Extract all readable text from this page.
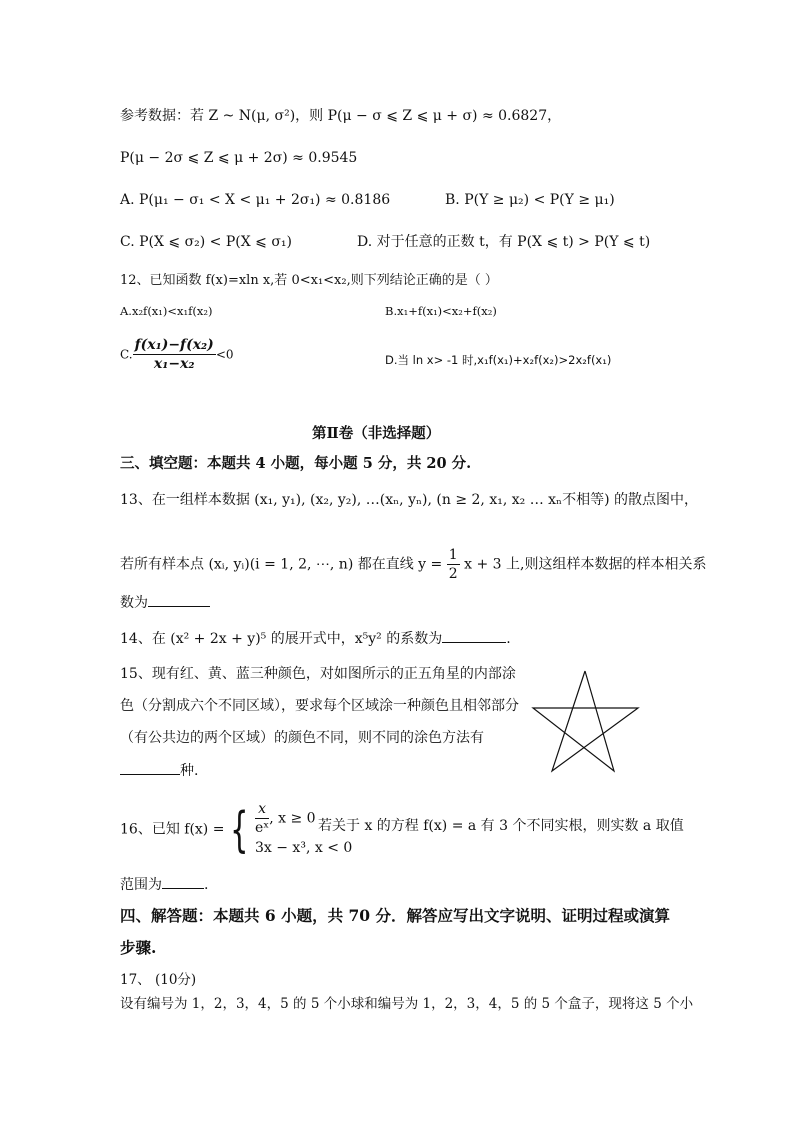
参考数据：若 Z ~ N(μ, σ²)，则 P(μ − σ ⩽ Z ⩽ μ + σ) ≈ 0.6827，
P(μ − 2σ ⩽ Z ⩽ μ + 2σ) ≈ 0.9545
A. P(μ₁ − σ₁ < X < μ₁ + 2σ₁) ≈ 0.8186	B. P(Y ≥ μ₂) < P(Y ≥ μ₁)
C. P(X ⩽ σ₂) < P(X ⩽ σ₁)	D. 对于任意的正数 t，有 P(X ⩽ t) > P(Y ⩽ t)
12、已知函数 f(x)=xln x,若 0<x₁<x₂,则下列结论正确的是（ ）
A.x₂f(x₁)<x₁f(x₂)	B.x₁+f(x₁)<x₂+f(x₂)
C. $\frac{\text{f(x₁)−f(x₂)}}{\text{x₁−x₂}} <0$	D.当 ln x> -1 时,x₁f(x₁)+x₂f(x₂)>2x₂f(x₁)
第Ⅱ卷（非选择题）
三、填空题：本题共 4 小题，每小题 5 分，共 20 分.
13、在一组样本数据 (x₁, y₁), (x₂, y₂), …(xₙ, yₙ), (n ≥ 2, x₁, x₂ … xₙ不相等) 的散点图中，
若所有样本点 (xᵢ, yᵢ)(i = 1, 2, ⋯, n) 都在直线 $y = \frac{1}{2}$ x + 3 上,则这组样本数据的样本相关系
数为
14、在 (x² + 2x + y)⁵ 的展开式中，x⁵y² 的系数为	.
15、现有红、黄、蓝三种颜色，对如图所示的正五角星的内部涂
色（分割成六个不同区域），要求每个区域涂一种颜色且相邻部分
（有公共边的两个区域）的颜色不同，则不同的涂色方法有
种.
16、已知 f(x) = { $\frac{x}{\text{eˣ}}$ , x ≥ 0
3x − x³, x < 0
若关于 x 的方程 f(x) = a 有 3 个不同实根，则实数 a 取值
范围为	.
四、解答题：本题共 6 小题，共 70 分．解答应写出文字说明、证明过程或演算
步骤.
17、 (10分)
设有编号为 1，2，3，4，5 的 5 个小球和编号为 1，2，3，4，5 的 5 个盒子，现将这 5 个小
